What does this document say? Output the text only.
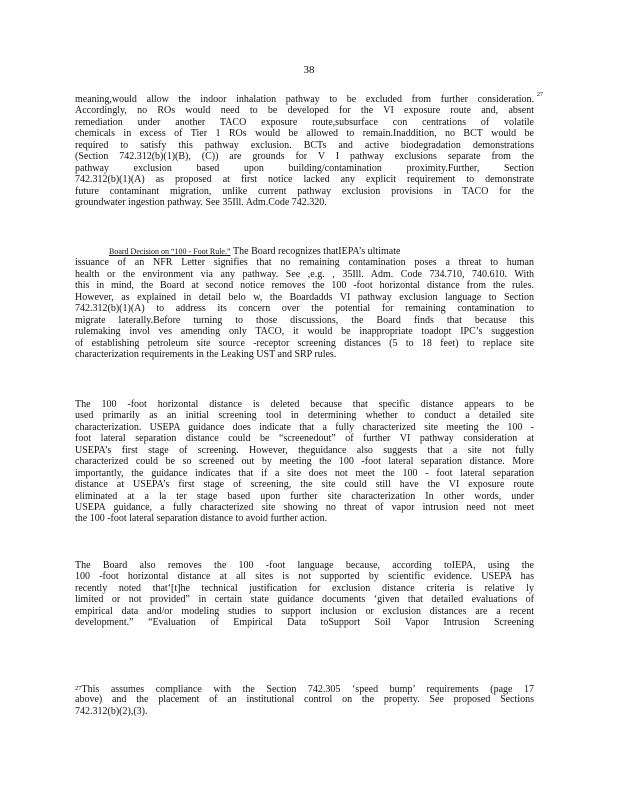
38
27
meaning,would allow the indoor inhalation pathway to be excluded from further consideration.
Accordingly, no ROs would need to be developed for the VI exposure route and, absent
remediation under another TACO exposure route,subsurface con centrations of volatile
chemicals in excess of Tier 1 ROs would be allowed to remain.Inaddition, no BCT would be
required to satisfy this pathway exclusion. BCTs and active biodegradation demonstrations
(Section 742.312(b)(1)(B), (C)) are grounds for V I pathway exclusions separate from the
pathway exclusion based upon building/contamination proximity.Further, Section
742.312(b)(1)(A) as proposed at first notice lacked any explicit requirement to demonstrate
future contaminant migration, unlike current pathway exclusion provisions in TACO for the
groundwater ingestion pathway. See 35Ill. Adm.Code 742.320.
Board Decision on “100 - Foot Rule.” The Board recognizes thatIEPA’s ultimate
issuance of an NFR Letter signifies that no remaining contamination poses a threat to human
health or the environment via any pathway. See ,e.g. , 35Ill. Adm. Code 734.710, 740.610. With
this in mind, the Board at second notice removes the 100 -foot horizontal distance from the rules.
However, as explained in detail belo w, the Boardadds VI pathway exclusion language to Section
742.312(b)(1)(A) to address its concern over the potential for remaining contamination to
migrate laterally.Before turning to those discussions, the Board finds that because this
rulemaking invol ves amending only TACO, it would be inappropriate toadopt IPC’s suggestion
of establishing petroleum site source -receptor screening distances (5 to 18 feet) to replace site
characterization requirements in the Leaking UST and SRP rules.
The 100 -foot horizontal distance is deleted because that specific distance appears to be
used primarily as an initial screening tool in determining whether to conduct a detailed site
characterization. USEPA guidance does indicate that a fully characterized site meeting the 100 -
foot lateral separation distance could be “screenedout” of further VI pathway consideration at
USEPA’s first stage of screening. However, theguidance also suggests that a site not fully
characterized could be so screened out by meeting the 100 -foot lateral separation distance. More
importantly, the guidance indicates that if a site does not meet the 100 - foot lateral separation
distance at USEPA’s first stage of screening, the site could still have the VI exposure route
eliminated at a la ter stage based upon further site characterization In other words, under
USEPA guidance, a fully characterized site showing no threat of vapor intrusion need not meet
the 100 -foot lateral separation distance to avoid further action.
The Board also removes the 100 -foot language because, according toIEPA, using the
100 -foot horizontal distance at all sites is not supported by scientific evidence. USEPA has
recently noted that‘[t]he technical justification for exclusion distance criteria is relative ly
limited or not provided” in certain state guidance documents ‘given that detailed evaluations of
empirical data and/or modeling studies to support inclusion or exclusion distances are a recent
development.” “Evaluation of Empirical Data toSupport Soil Vapor Intrusion Screening
$^{27}$This assumes compliance with the Section 742.305 ‘speed bump’ requirements (page 17
above) and the placement of an institutional control on the property. See proposed Sections
742.312(b)(2),(3).
